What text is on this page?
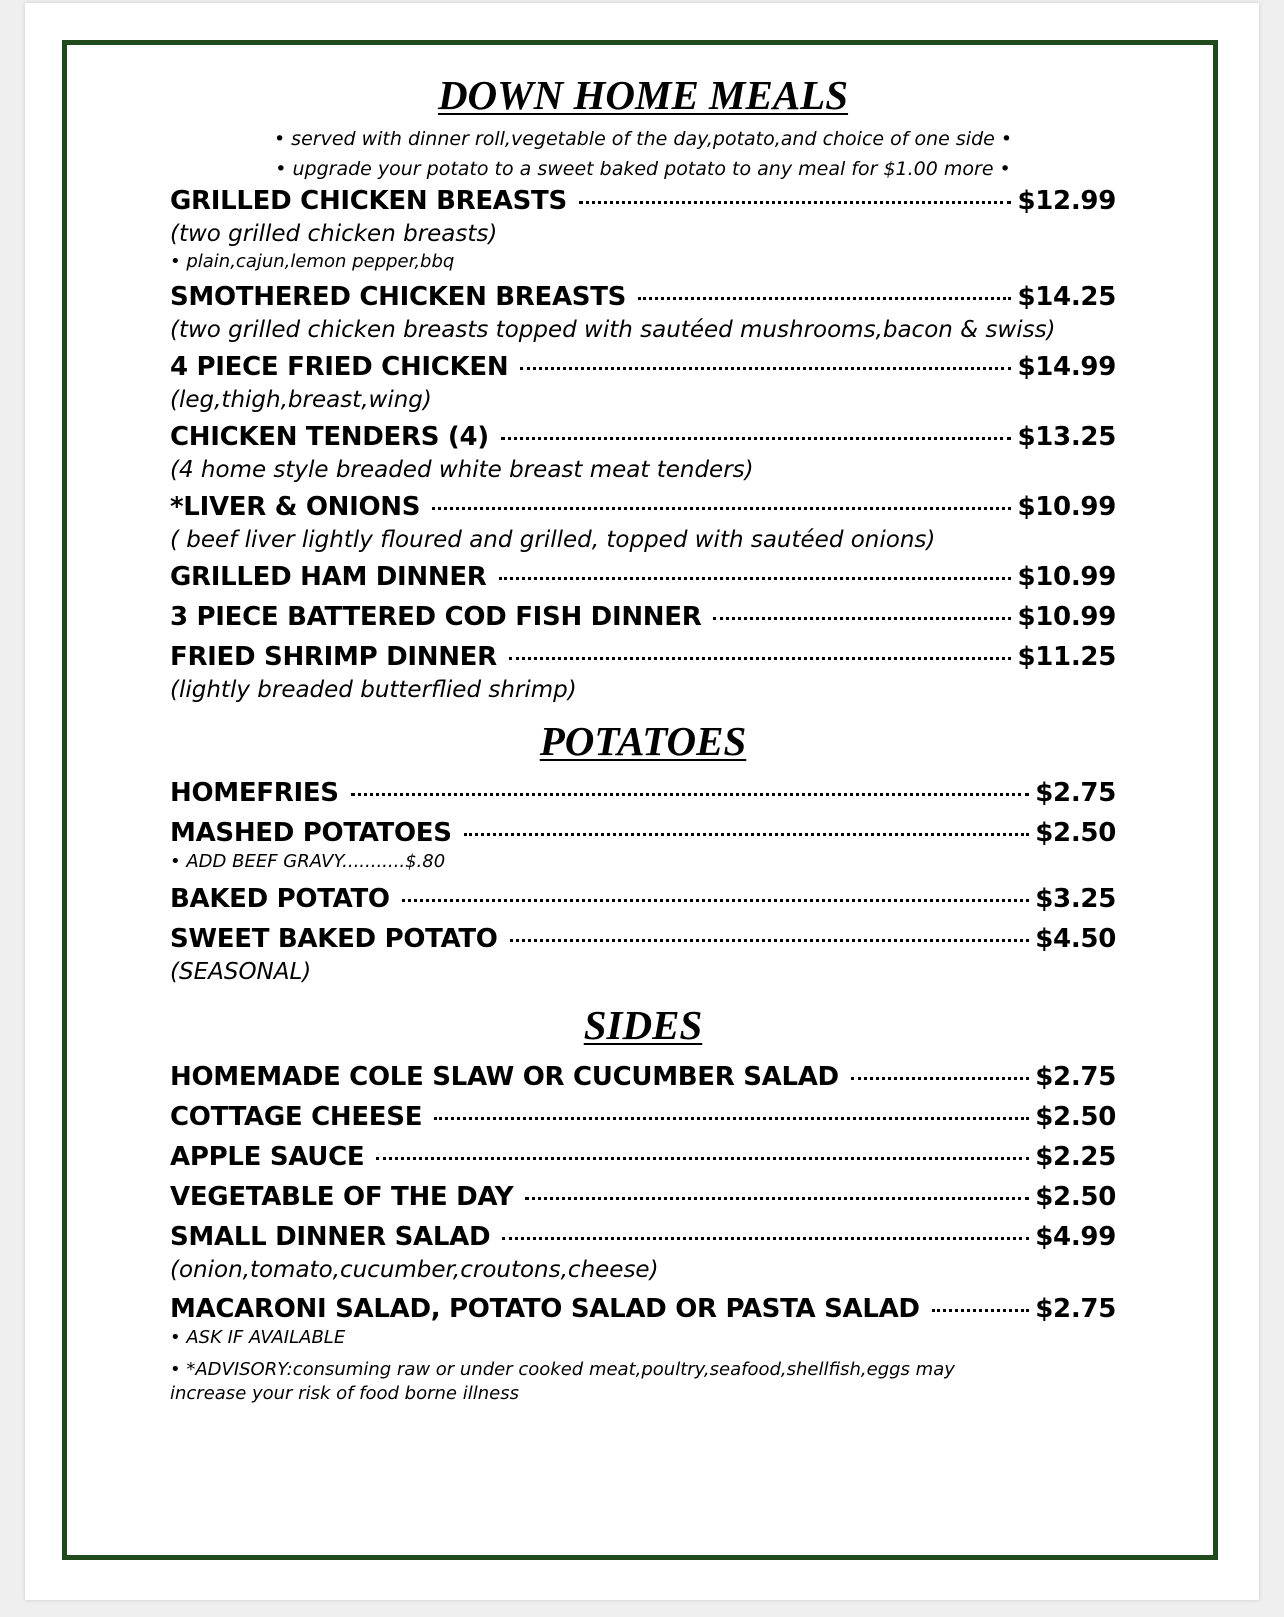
DOWN HOME MEALS
• served with dinner roll,vegetable of the day,potato,and choice of one side •
• upgrade your potato to a sweet baked potato to any meal for $1.00 more •
GRILLED CHICKEN BREASTS	$12.99
(two grilled chicken breasts)
• plain,cajun,lemon pepper,bbq
SMOTHERED CHICKEN BREASTS	$14.25
(two grilled chicken breasts topped with sautéed mushrooms,bacon & swiss)
4 PIECE FRIED CHICKEN	$14.99
(leg,thigh,breast,wing)
CHICKEN TENDERS (4)	$13.25
(4 home style breaded white breast meat tenders)
*LIVER & ONIONS	$10.99
( beef liver lightly floured and grilled, topped with sautéed onions)
GRILLED HAM DINNER	$10.99
3 PIECE BATTERED COD FISH DINNER	$10.99
FRIED SHRIMP DINNER	$11.25
(lightly breaded butterflied shrimp)
POTATOES
HOMEFRIES	$2.75
MASHED POTATOES	$2.50
• ADD BEEF GRAVY...........$.80
BAKED POTATO	$3.25
SWEET BAKED POTATO	$4.50
(SEASONAL)
SIDES
HOMEMADE COLE SLAW OR CUCUMBER SALAD	$2.75
COTTAGE CHEESE	$2.50
APPLE SAUCE	$2.25
VEGETABLE OF THE DAY	$2.50
SMALL DINNER SALAD	$4.99
(onion,tomato,cucumber,croutons,cheese)
MACARONI SALAD, POTATO SALAD OR PASTA SALAD	$2.75
• ASK IF AVAILABLE
• *ADVISORY:consuming raw or under cooked meat,poultry,seafood,shellfish,eggs may
increase your risk of food borne illness
